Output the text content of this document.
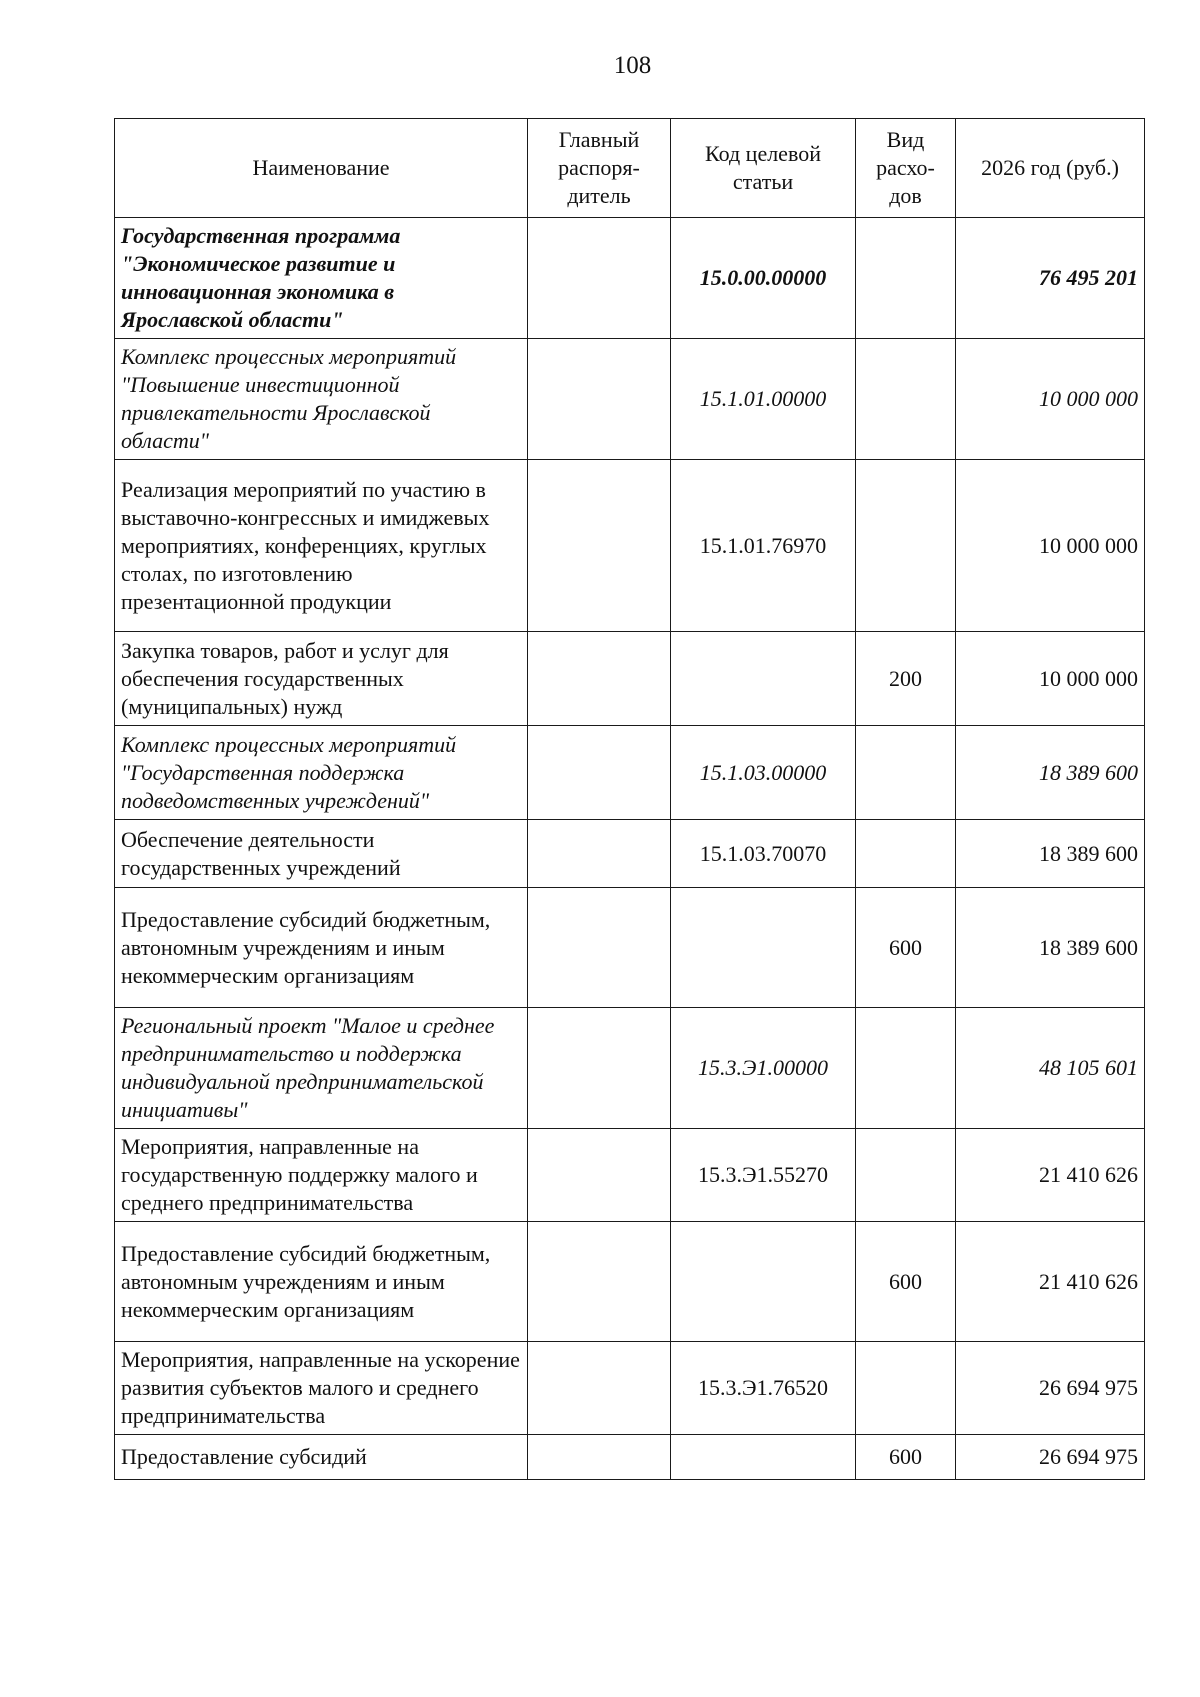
108
Наименование	Главный распоря-дитель	Код целевой статьи	Вид расхо-дов	2026 год (руб.)
Государственная программа "Экономическое развитие и инновационная экономика в Ярославской области"		15.0.00.00000		76 495 201
Комплекс процессных мероприятий "Повышение инвестиционной привлекательности Ярославской области"		15.1.01.00000		10 000 000
Реализация мероприятий по участию в выставочно-конгрессных и имиджевых мероприятиях, конференциях, круглых столах, по изготовлению презентационной продукции		15.1.01.76970		10 000 000
Закупка товаров, работ и услуг для обеспечения государственных (муниципальных) нужд			200	10 000 000
Комплекс процессных мероприятий "Государственная поддержка подведомственных учреждений"		15.1.03.00000		18 389 600
Обеспечение деятельности государственных учреждений		15.1.03.70070		18 389 600
Предоставление субсидий бюджетным, автономным учреждениям и иным некоммерческим организациям			600	18 389 600
Региональный проект "Малое и среднее предпринимательство и поддержка индивидуальной предпринимательской инициативы"		15.3.Э1.00000		48 105 601
Мероприятия, направленные на государственную поддержку малого и среднего предпринимательства		15.3.Э1.55270		21 410 626
Предоставление субсидий бюджетным, автономным учреждениям и иным некоммерческим организациям			600	21 410 626
Мероприятия, направленные на ускорение развития субъектов малого и среднего предпринимательства		15.3.Э1.76520		26 694 975
Предоставление субсидий			600	26 694 975
